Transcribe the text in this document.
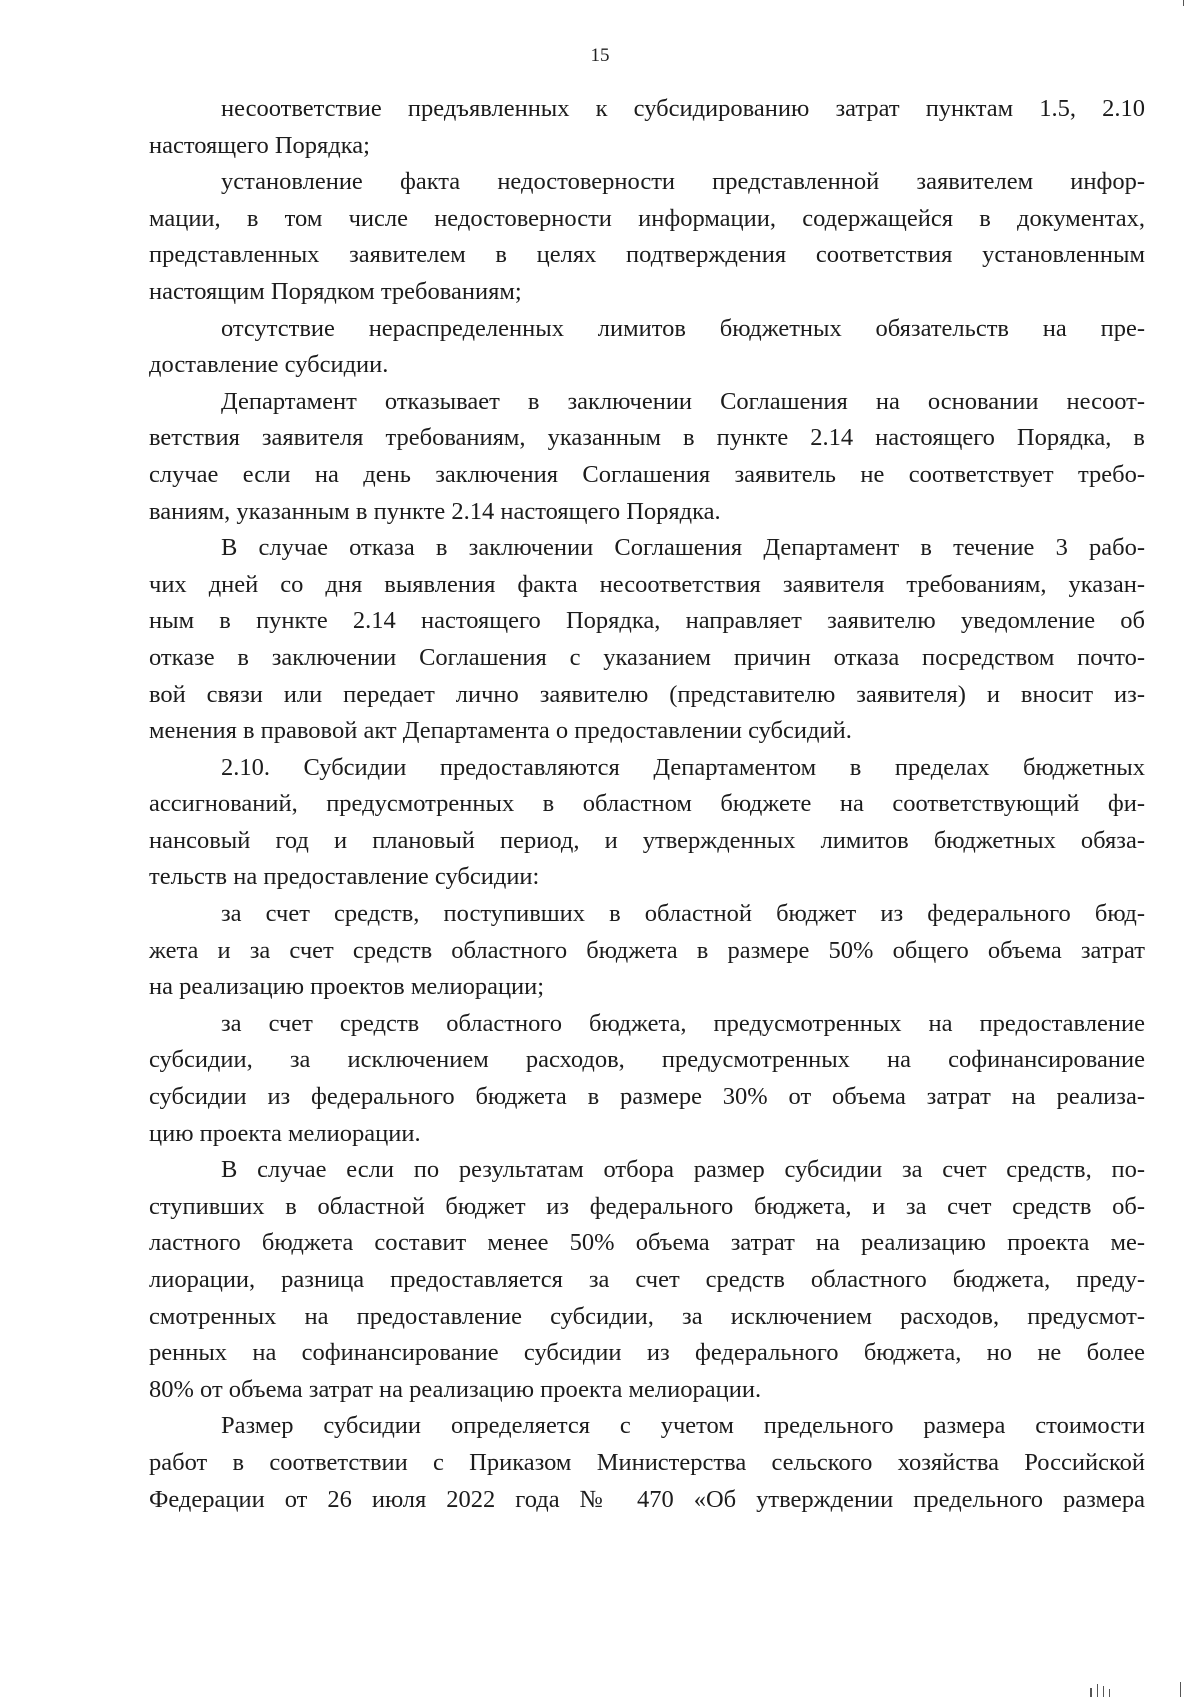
15
несоответствие предъявленных к субсидированию затрат пунктам 1.5, 2.10
настоящего Порядка;
установление факта недостоверности представленной заявителем инфор-
мации, в том числе недостоверности информации, содержащейся в документах,
представленных заявителем в целях подтверждения соответствия установленным
настоящим Порядком требованиям;
отсутствие нераспределенных лимитов бюджетных обязательств на пре-
доставление субсидии.
Департамент отказывает в заключении Соглашения на основании несоот-
ветствия заявителя требованиям, указанным в пункте 2.14 настоящего Порядка, в
случае если на день заключения Соглашения заявитель не соответствует требо-
ваниям, указанным в пункте 2.14 настоящего Порядка.
В случае отказа в заключении Соглашения Департамент в течение 3 рабо-
чих дней со дня выявления факта несоответствия заявителя требованиям, указан-
ным в пункте 2.14 настоящего Порядка, направляет заявителю уведомление об
отказе в заключении Соглашения с указанием причин отказа посредством почто-
вой связи или передает лично заявителю (представителю заявителя) и вносит из-
менения в правовой акт Департамента о предоставлении субсидий.
2.10. Субсидии предоставляются Департаментом в пределах бюджетных
ассигнований, предусмотренных в областном бюджете на соответствующий фи-
нансовый год и плановый период, и утвержденных лимитов бюджетных обяза-
тельств на предоставление субсидии:
за счет средств, поступивших в областной бюджет из федерального бюд-
жета и за счет средств областного бюджета в размере 50% общего объема затрат
на реализацию проектов мелиорации;
за счет средств областного бюджета, предусмотренных на предоставление
субсидии, за исключением расходов, предусмотренных на софинансирование
субсидии из федерального бюджета в размере 30% от объема затрат на реализа-
цию проекта мелиорации.
В случае если по результатам отбора размер субсидии за счет средств, по-
ступивших в областной бюджет из федерального бюджета, и за счет средств об-
ластного бюджета составит менее 50% объема затрат на реализацию проекта ме-
лиорации, разница предоставляется за счет средств областного бюджета, преду-
смотренных на предоставление субсидии, за исключением расходов, предусмот-
ренных на софинансирование субсидии из федерального бюджета, но не более
80% от объема затрат на реализацию проекта мелиорации.
Размер субсидии определяется с учетом предельного размера стоимости
работ в соответствии с Приказом Министерства сельского хозяйства Российской
Федерации от 26 июля 2022 года № 470 «Об утверждении предельного размера
